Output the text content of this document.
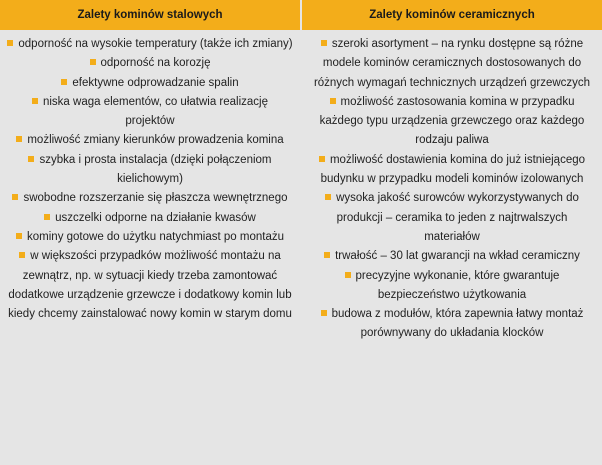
Zalety kominów stalowych	Zalety kominów ceramicznych
odporność na wysokie temperatury (także ich zmiany)
odporność na korozję
efektywne odprowadzanie spalin
niska waga elementów, co ułatwia realizację projektów
możliwość zmiany kierunków prowadzenia komina
szybka i prosta instalacja (dzięki połączeniom kielichowym)
swobodne rozszerzanie się płaszcza wewnętrznego
uszczelki odporne na działanie kwasów
kominy gotowe do użytku natychmiast po montażu
w większości przypadków możliwość montażu na zewnątrz, np. w sytuacji kiedy trzeba zamontować dodatkowe urządzenie grzewcze i dodatkowy komin lub kiedy chcemy zainstalować nowy komin w starym domu
szeroki asortyment – na rynku dostępne są różne modele kominów ceramicznych dostosowanych do różnych wymagań technicznych urządzeń grzewczych
możliwość zastosowania komina w przypadku każdego typu urządzenia grzewczego oraz każdego rodzaju paliwa
możliwość dostawienia komina do już istniejącego budynku w przypadku modeli kominów izolowanych
wysoka jakość surowców wykorzystywanych do produkcji – ceramika to jeden z najtrwalszych materiałów
trwałość – 30 lat gwarancji na wkład ceramiczny
precyzyjne wykonanie, które gwarantuje bezpieczeństwo użytkowania
budowa z modułów, która zapewnia łatwy montaż porównywany do układania klocków
